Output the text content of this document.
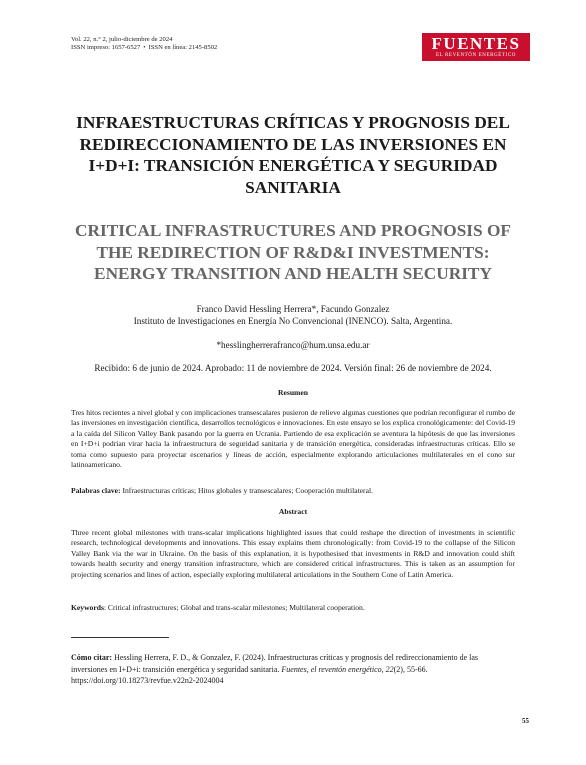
Vol. 22, n.° 2, julio-diciembre de 2024
ISSN impreso: 1657-6527 • ISSN en línea: 2145-8502	FUENTES
EL REVENTÓN ENERGÉTICO
INFRAESTRUCTURAS CRÍTICAS Y PROGNOSIS DEL REDIRECCIONAMIENTO DE LAS INVERSIONES EN I+D+I: TRANSICIÓN ENERGÉTICA Y SEGURIDAD SANITARIA
CRITICAL INFRASTRUCTURES AND PROGNOSIS OF THE REDIRECTION OF R&D&I INVESTMENTS: ENERGY TRANSITION AND HEALTH SECURITY
Franco David Hessling Herrera*, Facundo Gonzalez
Instituto de Investigaciones en Energía No Convencional (INENCO). Salta, Argentina.
*hesslingherrerafranco@hum.unsa.edu.ar
Recibido: 6 de junio de 2024. Aprobado: 11 de noviembre de 2024. Versión final: 26 de noviembre de 2024.
Resumen
Tres hitos recientes a nivel global y con implicaciones transescalares pusieron de relieve algunas cuestiones que podrían reconfigurar el rumbo de las inversiones en investigación científica, desarrollos tecnológicos e innovaciones. En este ensayo se los explica cronológicamente: del Covid-19 a la caída del Silicon Valley Bank pasando por la guerra en Ucrania. Partiendo de esa explicación se aventura la hipótesis de que las inversiones en I+D+i podrían virar hacia la infraestructura de seguridad sanitaria y de transición energética, consideradas infraestructuras críticas. Ello se toma como supuesto para proyectar escenarios y líneas de acción, especialmente explorando articulaciones multilaterales en el cono sur latinoamericano.
Palabras clave: Infraestructuras críticas; Hitos globales y transescalares; Cooperación multilateral.
Abstract
Three recent global milestones with trans-scalar implications highlighted issues that could reshape the direction of investments in scientific research, technological developments and innovations. This essay explains them chronologically: from Covid-19 to the collapse of the Silicon Valley Bank via the war in Ukraine. On the basis of this explanation, it is hypothesised that investments in R&D and innovation could shift towards health security and energy transition infrastructure, which are considered critical infrastructures. This is taken as an assumption for projecting scenarios and lines of action, especially exploring multilateral articulations in the Southern Cone of Latin America.
Keywords: Critical infrastructures; Global and trans-scalar milestones; Multilateral cooperation.
Cómo citar: Hessling Herrera, F. D., & Gonzalez, F. (2024). Infraestructuras críticas y prognosis del redireccionamiento de las inversiones en I+D+i: transición energética y seguridad sanitaria. Fuentes, el reventón energético, 22(2), 55-66. https://doi.org/10.18273/revfue.v22n2-2024004
55
